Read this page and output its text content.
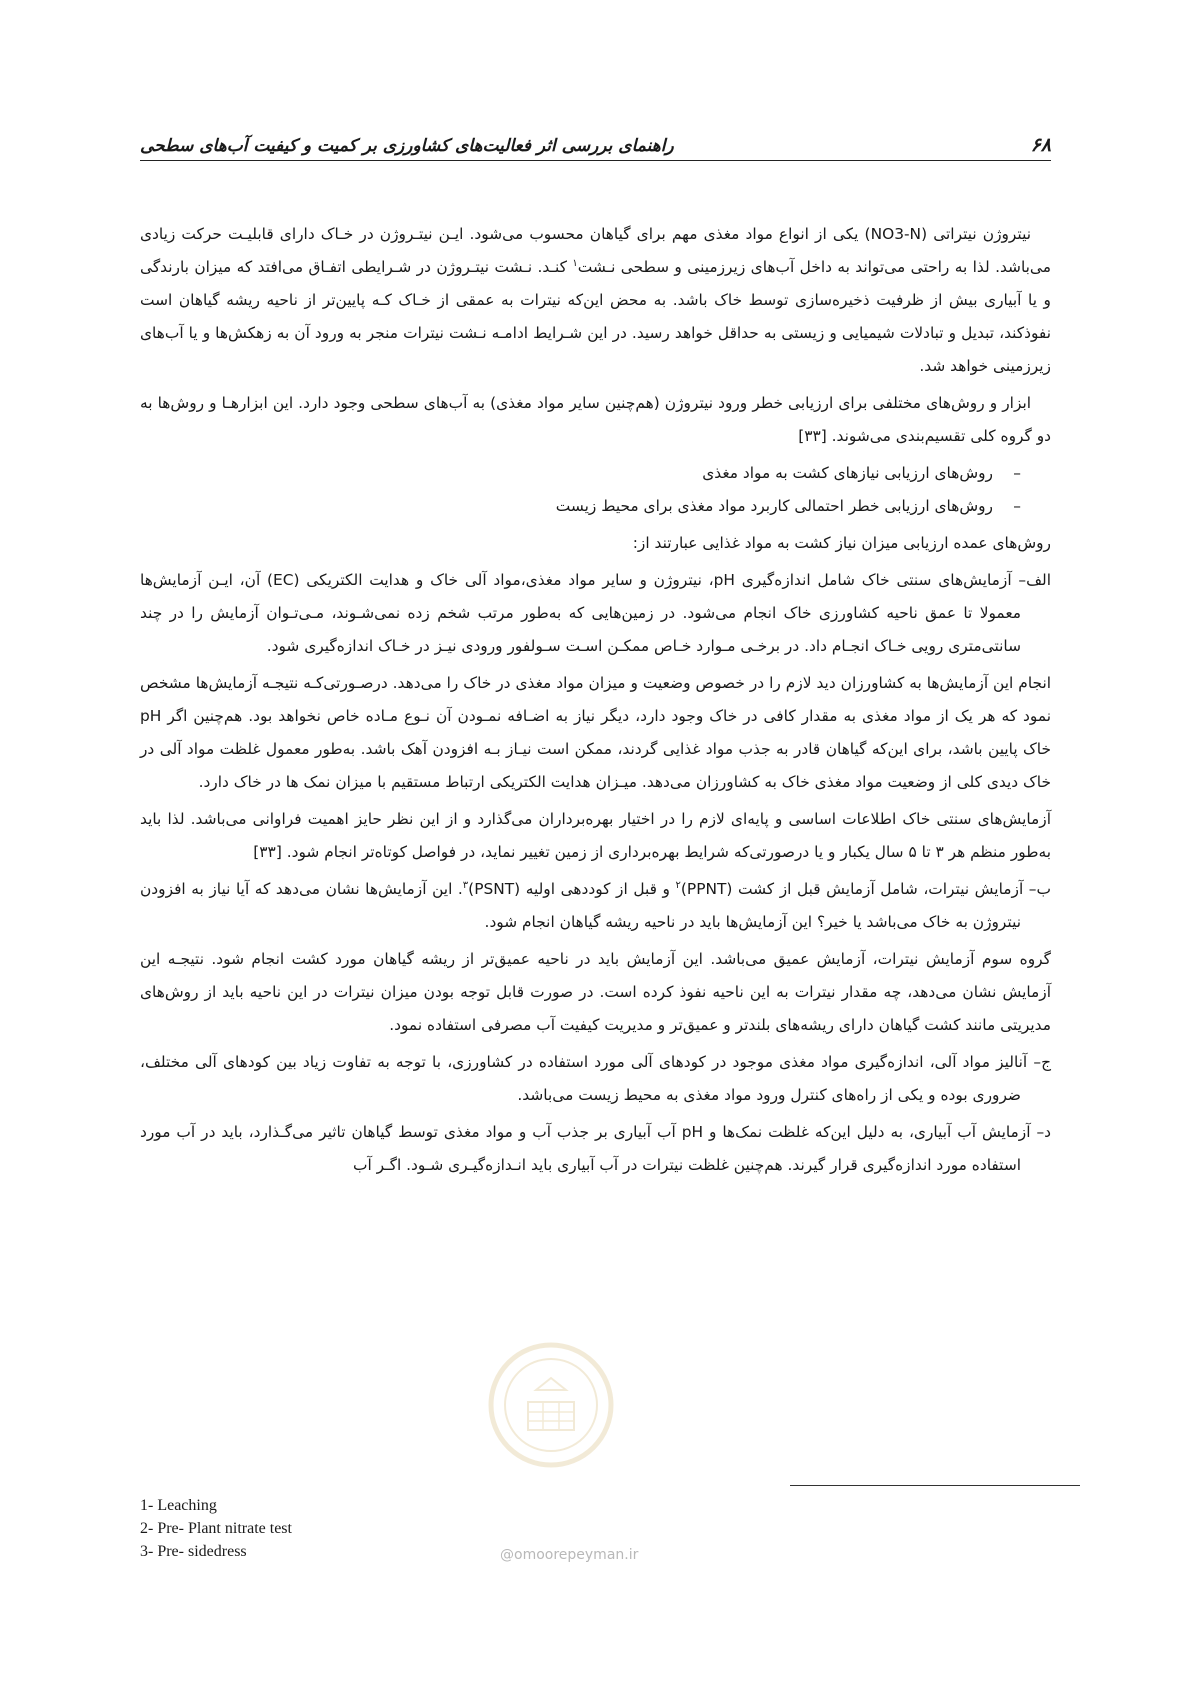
۶۸
راهنمای بررسی اثر فعالیت‌های کشاورزی بر کمیت و کیفیت آب‌های سطحی

نیتروژن نیتراتی (NO3-N) یکی از انواع مواد مغذی مهم برای گیاهان محسوب می‌شود. ایـن نیتـروژن در خـاک دارای قابلیـت حرکت زیادی می‌باشد. لذا به راحتی می‌تواند به داخل آب‌های زیرزمینی و سطحی نـشت$^۱$ کنـد. نـشت نیتـروژن در شـرایطی اتفـاق می‌افتد که میزان بارندگی و یا آبیاری بیش از ظرفیت ذخیره‌سازی توسط خاک باشد. به محض این‌که نیترات به عمقی از خـاک کـه پایین‌تر از ناحیه ریشه گیاهان است نفوذکند، تبدیل و تبادلات شیمیایی و زیستی به حداقل خواهد رسید. در این شـرایط ادامـه نـشت نیترات منجر به ورود آن به زهکش‌ها و یا آب‌های زیرزمینی خواهد شد.

ابزار و روش‌های مختلفی برای ارزیابی خطر ورود نیتروژن (هم‌چنین سایر مواد مغذی) به آب‌های سطحی وجود دارد. این ابزارهـا و روش‌ها به دو گروه کلی تقسیم‌بندی می‌شوند. [۳۳]

– روش‌های ارزیابی نیازهای کشت به مواد مغذی
– روش‌های ارزیابی خطر احتمالی کاربرد مواد مغذی برای محیط زیست

روش‌های عمده ارزیابی میزان نیاز کشت به مواد غذایی عبارتند از:

الف– آزمایش‌های سنتی خاک شامل اندازه‌گیری pH، نیتروژن و سایر مواد مغذی،مواد آلی خاک و هدایت الکتریکی (EC) آن، ایـن آزمایش‌ها معمولا تا عمق ناحیه کشاورزی خاک انجام می‌شود. در زمین‌هایی که به‌طور مرتب شخم زده نمی‌شـوند، مـی‌تـوان آزمایش را در چند سانتی‌متری رویی خـاک انجـام داد. در برخـی مـوارد خـاص ممکـن اسـت سـولفور ورودی نیـز در خـاک اندازه‌گیری شود.

انجام این آزمایش‌ها به کشاورزان دید لازم را در خصوص وضعیت و میزان مواد مغذی در خاک را می‌دهد. درصـورتی‌کـه نتیجـه آزمایش‌ها مشخص نمود که هر یک از مواد مغذی به مقدار کافی در خاک وجود دارد، دیگر نیاز به اضـافه نمـودن آن نـوع مـاده خاص نخواهد بود. هم‌چنین اگر pH خاک پایین باشد، برای این‌که گیاهان قادر به جذب مواد غذایی گردند، ممکن است نیـاز بـه افزودن آهک باشد. به‌طور معمول غلظت مواد آلی در خاک دیدی کلی از وضعیت مواد مغذی خاک به کشاورزان می‌دهد. میـزان هدایت الکتریکی ارتباط مستقیم با میزان نمک ها در خاک دارد.

آزمایش‌های سنتی خاک اطلاعات اساسی و پایه‌ای لازم را در اختیار بهره‌برداران می‌گذارد و از این نظر حایز اهمیت فراوانی می‌باشد. لذا باید به‌طور منظم هر ۳ تا ۵ سال یکبار و یا درصورتی‌که شرایط بهره‌برداری از زمین تغییر نماید، در فواصل کوتاه‌تر انجام شود. [۳۳]

ب– آزمایش نیترات، شامل آزمایش قبل از کشت (PPNT)$^۲$ و قبل از کوددهی اولیه (PSNT)$^۳$. این آزمایش‌ها نشان می‌دهد که آیا نیاز به افزودن نیتروژن به خاک می‌باشد یا خیر؟ این آزمایش‌ها باید در ناحیه ریشه گیاهان انجام شود.

گروه سوم آزمایش نیترات، آزمایش عمیق می‌باشد. این آزمایش باید در ناحیه عمیق‌تر از ریشه گیاهان مورد کشت انجام شود. نتیجـه این آزمایش نشان می‌دهد، چه مقدار نیترات به این ناحیه نفوذ کرده است. در صورت قابل توجه بودن میزان نیترات در این ناحیه باید از روش‌های مدیریتی مانند کشت گیاهان دارای ریشه‌های بلندتر و عمیق‌تر و مدیریت کیفیت آب مصرفی استفاده نمود.

ج– آنالیز مواد آلی، اندازه‌گیری مواد مغذی موجود در کودهای آلی مورد استفاده در کشاورزی، با توجه به تفاوت زیاد بین کودهای آلی مختلف، ضروری بوده و یکی از راه‌های کنترل ورود مواد مغذی به محیط زیست می‌باشد.

د– آزمایش آب آبیاری، به دلیل این‌که غلظت نمک‌ها و pH آب آبیاری بر جذب آب و مواد مغذی توسط گیاهان تاثیر می‌گـذارد، باید در آب مورد استفاده مورد اندازه‌گیری قرار گیرند. هم‌چنین غلظت نیترات در آب آبیاری باید انـدازه‌گیـری شـود. اگـر آب

1- Leaching
2- Pre- Plant nitrate test
3- Pre- sidedress	@omoorepeyman.ir
